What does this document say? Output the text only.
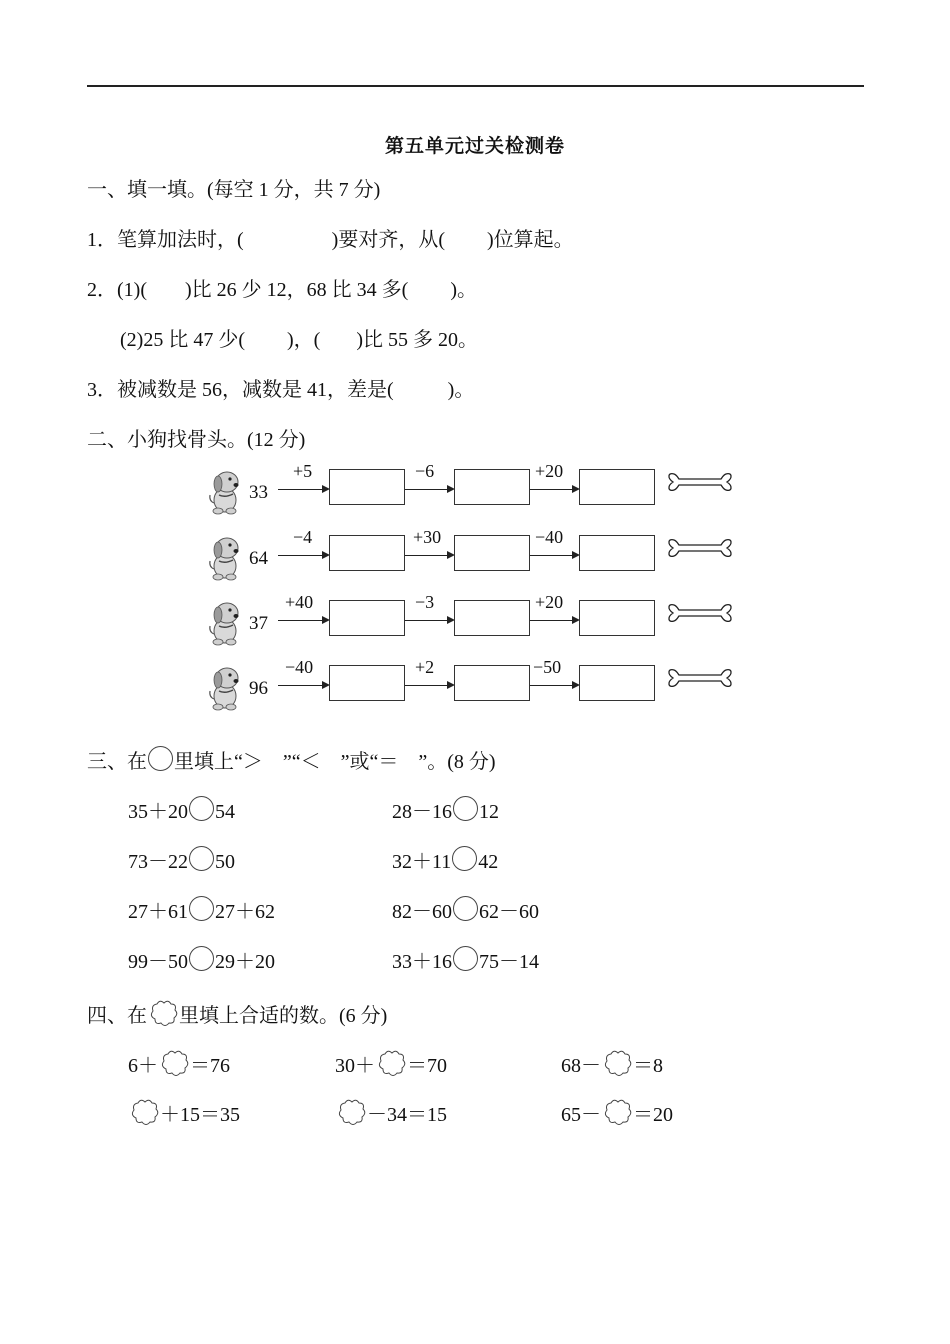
第五单元过关检测卷
一、填一填。(每空 1 分，共 7 分)
1．笔算加法时，(	)要对齐，从( )位算起。
2．(1)( )比 26 少 12，68 比 34 多( )。
(2)25 比 47 少( )，( )比 55 多 20。
3．被减数是 56，减数是 41，差是(	)。
二、小狗找骨头。(12 分)
33
+5	−6	+20
64
−4	+30	−40
37
+40	−3	+20
96
−40	+2	−50
三、在 里填上“＞　”“＜　”或“＝　”。(8 分)
35＋20 54	28－16 12
73－22 50	32＋11 42
27＋61 27＋62	82－60 62－60
99－50 29＋20	33＋16 75－14
四、在 里填上合适的数。(6 分)
6＋ ＝76	30＋ ＝70	68－ ＝8
＋15＝35	－34＝15	65－ ＝20
